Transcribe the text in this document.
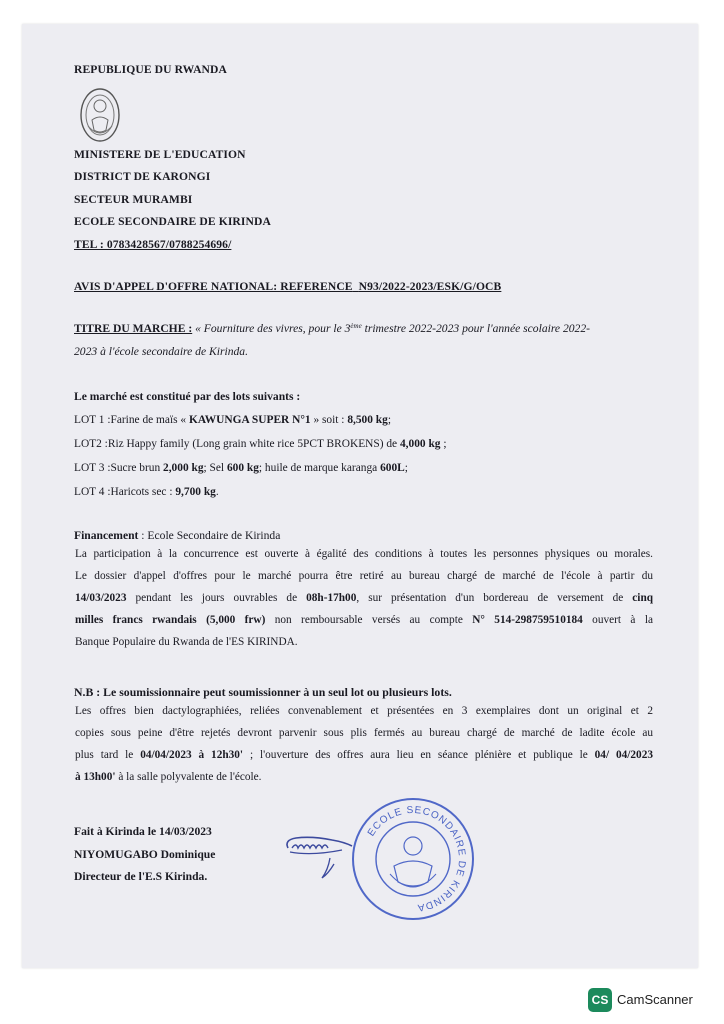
REPUBLIQUE DU RWANDA
MINISTERE DE L'EDUCATION
DISTRICT DE KARONGI
SECTEUR MURAMBI
ECOLE SECONDAIRE DE KIRINDA
TEL : 0783428567/0788254696/
AVIS D'APPEL D'OFFRE NATIONAL: REFERENCE N93/2022-2023/ESK/G/OCB
TITRE DU MARCHE : « Fourniture des vivres, pour le 3ème trimestre 2022-2023 pour l'année scolaire 2022-
2023 à l'école secondaire de Kirinda.
Le marché est constitué par des lots suivants :
LOT 1 :Farine de maïs « KAWUNGA SUPER N°1 » soit : 8,500 kg;
LOT2 :Riz Happy family (Long grain white rice 5PCT BROKENS) de 4,000 kg ;
LOT 3 :Sucre brun 2,000 kg; Sel 600 kg; huile de marque karanga 600L;
LOT 4 :Haricots sec : 9,700 kg.
Financement : Ecole Secondaire de Kirinda
La participation à la concurrence est ouverte à égalité des conditions à toutes les personnes physiques ou morales.
Le dossier d'appel d'offres pour le marché pourra être retiré au bureau chargé de marché de l'école à partir du
14/03/2023 pendant les jours ouvrables de 08h-17h00, sur présentation d'un bordereau de versement de cinq
milles francs rwandais (5,000 frw) non remboursable versés au compte N° 514-298759510184 ouvert à la
Banque Populaire du Rwanda de l'ES KIRINDA.
N.B : Le soumissionnaire peut soumissionner à un seul lot ou plusieurs lots.
Les offres bien dactylographiées, reliées convenablement et présentées en 3 exemplaires dont un original et 2
copies sous peine d'être rejetés devront parvenir sous plis fermés au bureau chargé de marché de ladite école au
plus tard le 04/04/2023 à 12h30' ; l'ouverture des offres aura lieu en séance plénière et publique le 04/ 04/2023
à 13h00' à la salle polyvalente de l'école.
Fait à Kirinda le 14/03/2023
NIYOMUGABO Dominique
Directeur de l'E.S Kirinda.
ECOLE SECONDAIRE DE KIRINDA
CS CamScanner
